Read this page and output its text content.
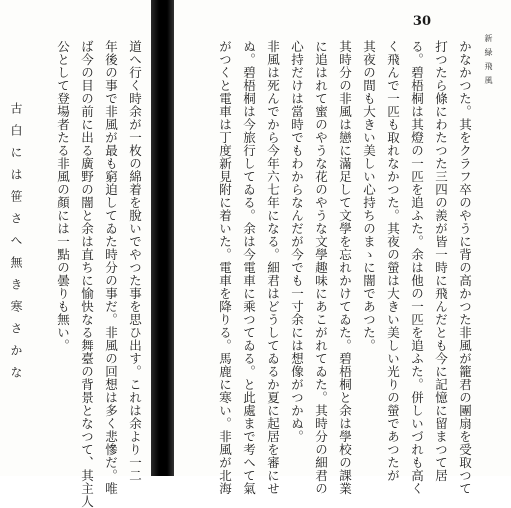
30
新緑飛風
かなかつた。其をクラフ卒のやうに背の高かつた非風が籠君の團扇を受取つて
打つたら條にわたつた三四の羨が皆一時に飛んだとも今に記憶に留まつて居
る。碧梧桐は其燈の一匹を追ふた。余は他の一匹を追ふた。併しいづれも高く
く飛んで一匹も取れなかつた。其夜の螢は大きい美しい光りの螢であつたが
其夜の間も大きい美しい心持ちのまゝに闇であつた。
其時分の非風は戀に滿足して文學を忘れかけてゐた。碧梧桐と余は學校の課業
に追はれて蜜のやうな花のやうな文學趣味にあこがれてゐた。其時分の細君の
心持だけは當時でもわからなんだが今でも一寸余には想像がつかぬ。
非風は死んでから今年六七年になる。細君はどうしてゐるか夏に起居を審にせ
ぬ。碧梧桐は今旅行してゐる。余は今電車に乘つてゐる。と此處まで考へて氣
がつくと電車は丁度新見附に着いた。電車を降りる。馬鹿に寒い。非風が北海
道へ行く時余が一枚の綿着を脫いでやつた事を思ひ出す。これは余より一二
年後の事で非風が最も窮迫してゐた時分の事だ。非風の回想は多く悲慘だ。唯
ば今の目の前に出る廣野の闇と余は直ちに愉快なる舞臺の背景となつて、其主人
公として登場者たる非風の顏には一點の曇りも無い。
古白には笹さへ無き寒さかな
